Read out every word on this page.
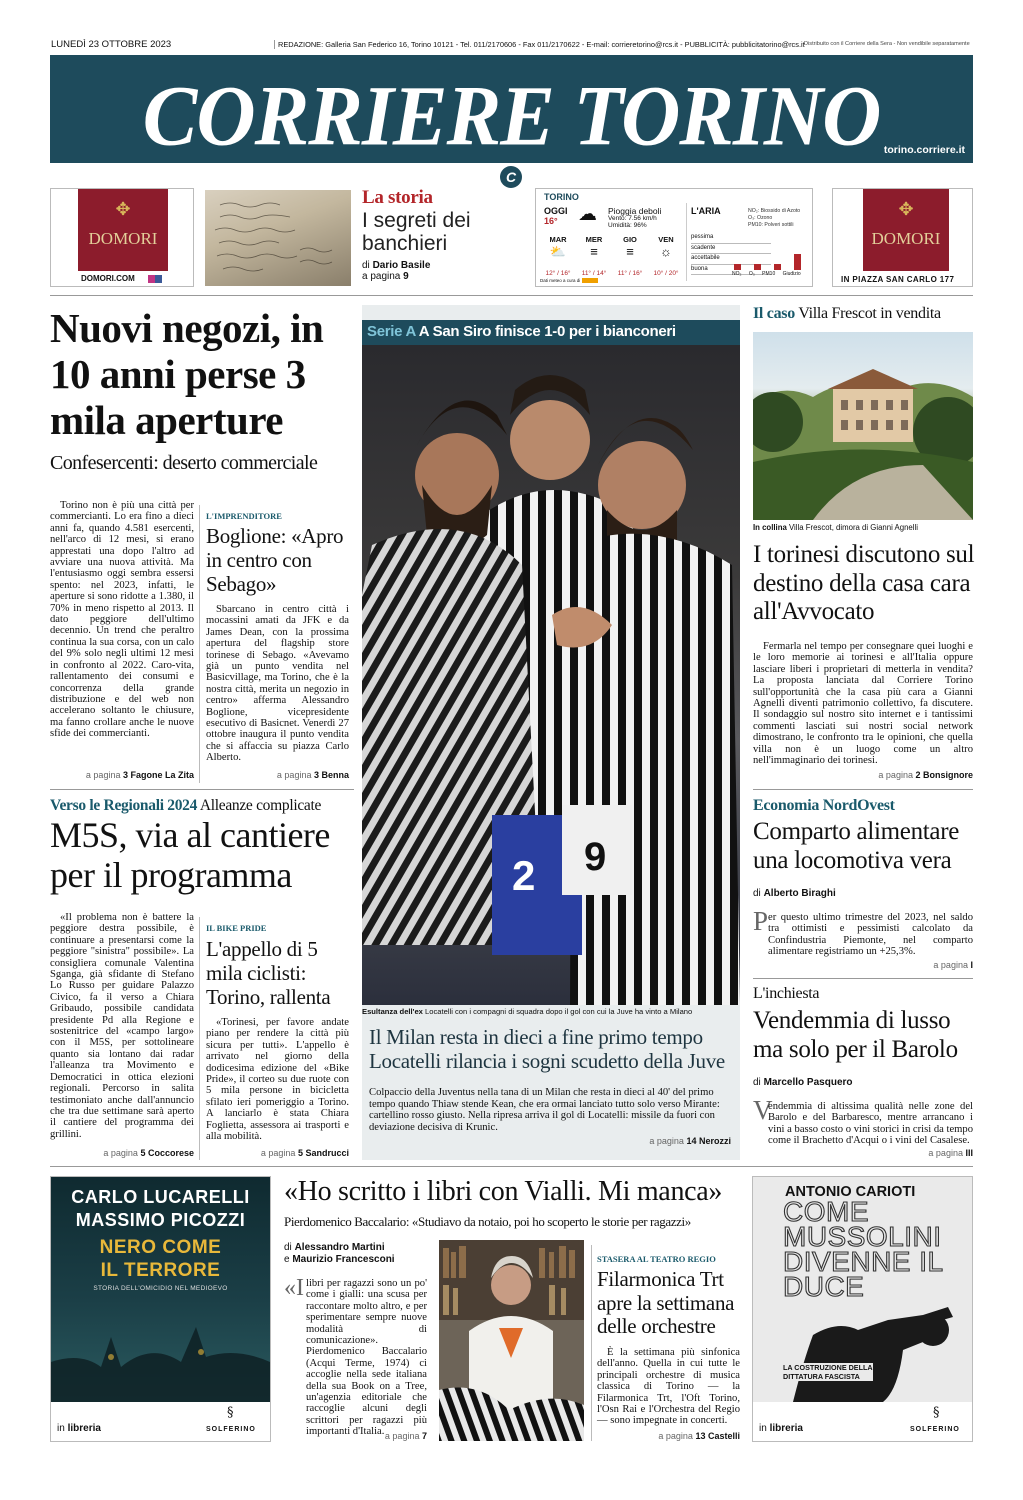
LUNEDÌ 23 OTTOBRE 2023	REDAZIONE: Galleria San Federico 16, Torino 10121 - Tel. 011/2170606 - Fax 011/2170622 - E-mail: corrieretorino@rcs.it - PUBBLICITÀ: pubblicitatorino@rcs.it Distribuito con il Corriere della Sera - Non vendibile separatamente
CORRIERE TORINO torino.corriere.it
C
✥
DOMORI
DOMORI.COM
La storia
I segreti dei banchieri
di Dario Basile
a pagina 9
TORINO
OGGI
16° ☁ Pioggia deboli
Vento: 7.56 km/h
Umidità: 96%
MAR
⛅
12° / 16°
MER
≡
11° / 14°
GIO
≡
11° / 16°
VEN
☼
10° / 20°
Dati meteo a cura di
L'ARIA	NO₂: Biossido di Azoto
O₃: Ozono
PM10: Polveri sottili
pessima
scadente
accettabile
buona
NO₂ O₃ PM10 Giudizio
✥
DOMORI
IN PIAZZA SAN CARLO 177
Nuovi negozi, in 10 anni perse 3 mila aperture
Confesercenti: deserto commerciale
Torino non è più una città per commercianti. Lo era fino a dieci anni fa, quando 4.581 esercenti, nell'arco di 12 mesi, si erano apprestati una dopo l'altro ad avviare una nuova attività. Ma l'entusiasmo oggi sembra essersi spento: nel 2023, infatti, le aperture si sono ridotte a 1.380, il 70% in meno rispetto al 2013. Il dato peggiore dell'ultimo decennio. Un trend che peraltro continua la sua corsa, con un calo del 9% solo negli ultimi 12 mesi in confronto al 2022. Caro-vita, rallentamento dei consumi e concorrenza della grande distribuzione e del web non accelerano soltanto le chiusure, ma fanno crollare anche le nuove sfide dei commercianti.
a pagina 3 Fagone La Zita
L'IMPRENDITORE
Boglione: «Apro in centro con Sebago»
Sbarcano in centro città i mocassini amati da JFK e da James Dean, con la prossima apertura del flagship store torinese di Sebago. «Avevamo già un punto vendita nel Basicvillage, ma Torino, che è la nostra città, merita un negozio in centro» afferma Alessandro Boglione, vicepresidente esecutivo di Basicnet. Venerdì 27 ottobre inaugura il punto vendita che si affaccia su piazza Carlo Alberto.
a pagina 3 Benna
Verso le Regionali 2024 Alleanze complicate
M5S, via al cantiere per il programma
«Il problema non è battere la peggiore destra possibile, è continuare a presentarsi come la peggiore "sinistra" possibile». La consigliera comunale Valentina Sganga, già sfidante di Stefano Lo Russo per guidare Palazzo Civico, fa il verso a Chiara Gribaudo, possibile candidata presidente Pd alla Regione e sostenitrice del «campo largo» con il M5S, per sottolineare quanto sia lontano dai radar l'alleanza tra Movimento e Democratici in ottica elezioni regionali. Percorso in salita testimoniato anche dall'annuncio che tra due settimane sarà aperto il cantiere del programma dei grillini.
a pagina 5 Coccorese
IL BIKE PRIDE
L'appello di 5 mila ciclisti: Torino, rallenta
«Torinesi, per favore andate piano per rendere la città più sicura per tutti». L'appello è arrivato nel giorno della dodicesima edizione del «Bike Pride», il corteo su due ruote con 5 mila persone in bicicletta sfilato ieri pomeriggio a Torino. A lanciarlo è stata Chiara Foglietta, assessora ai trasporti e alla mobilità.
a pagina 5 Sandrucci
Serie A A San Siro finisce 1-0 per i bianconeri
2 9
Esultanza dell'ex Locatelli con i compagni di squadra dopo il gol con cui la Juve ha vinto a Milano
Il Milan resta in dieci a fine primo tempo Locatelli rilancia i sogni scudetto della Juve
Colpaccio della Juventus nella tana di un Milan che resta in dieci al 40' del primo tempo quando Thiaw stende Kean, che era ormai lanciato tutto solo verso Mirante: cartellino rosso giusto. Nella ripresa arriva il gol di Locatelli: missile da fuori con deviazione decisiva di Krunic.
a pagina 14 Nerozzi
Il caso Villa Frescot in vendita
In collina Villa Frescot, dimora di Gianni Agnelli
I torinesi discutono sul destino della casa cara all'Avvocato
Fermarla nel tempo per consegnare quei luoghi e le loro memorie ai torinesi e all'Italia oppure lasciare liberi i proprietari di metterla in vendita? La proposta lanciata dal Corriere Torino sull'opportunità che la casa più cara a Gianni Agnelli diventi patrimonio collettivo, fa discutere. Il sondaggio sul nostro sito internet e i tantissimi commenti lasciati sui nostri social network dimostrano, le confronto tra le opinioni, che quella villa non è un luogo come un altro nell'immaginario dei torinesi.
a pagina 2 Bonsignore
Economia NordOvest
Comparto alimentare una locomotiva vera
di Alberto Biraghi
P er questo ultimo trimestre del 2023, nel saldo tra ottimisti e pessimisti calcolato da Confindustria Piemonte, nel comparto alimentare registriamo un +25,3%.
a pagina I
L'inchiesta
Vendemmia di lusso ma solo per il Barolo
di Marcello Pasquero
V
endemmia di altissima qualità nelle zone del Barolo e del Barbaresco, mentre arrancano i vini a basso costo o vini storici in crisi da tempo come il Brachetto d'Acqui o i vini del Casalese.
a pagina III
CARLO LUCARELLI
MASSIMO PICOZZI
NERO COME
IL TERRORE
STORIA DELL'OMICIDIO NEL MEDIOEVO
in libreria
§
SOLFERINO
«Ho scritto i libri con Vialli. Mi manca»
Pierdomenico Baccalario: «Studiavo da notaio, poi ho scoperto le storie per ragazzi»
di Alessandro Martini
e Maurizio Francesconi
«I libri per ragazzi sono un po' come i gialli: una scusa per raccontare molto altro, e per sperimentare sempre nuove modalità di comunicazione». Pierdomenico Baccalario (Acqui Terme, 1974) ci accoglie nella sede italiana della sua Book on a Tree, un'agenzia editoriale che raccoglie alcuni degli scrittori per ragazzi più importanti d'Italia. a pagina 7
STASERA AL TEATRO REGIO
Filarmonica Trt apre la settimana delle orchestre
È la settimana più sinfonica dell'anno. Quella in cui tutte le principali orchestre di musica classica di Torino — la Filarmonica Trt, l'Oft Torino, l'Osn Rai e l'Orchestra del Regio — sono impegnate in concerti.
a pagina 13 Castelli
ANTONIO CARIOTI
COME MUSSOLINI DIVENNE IL DUCE
LA COSTRUZIONE DELLA DITTATURA FASCISTA
in libreria
§
SOLFERINO
